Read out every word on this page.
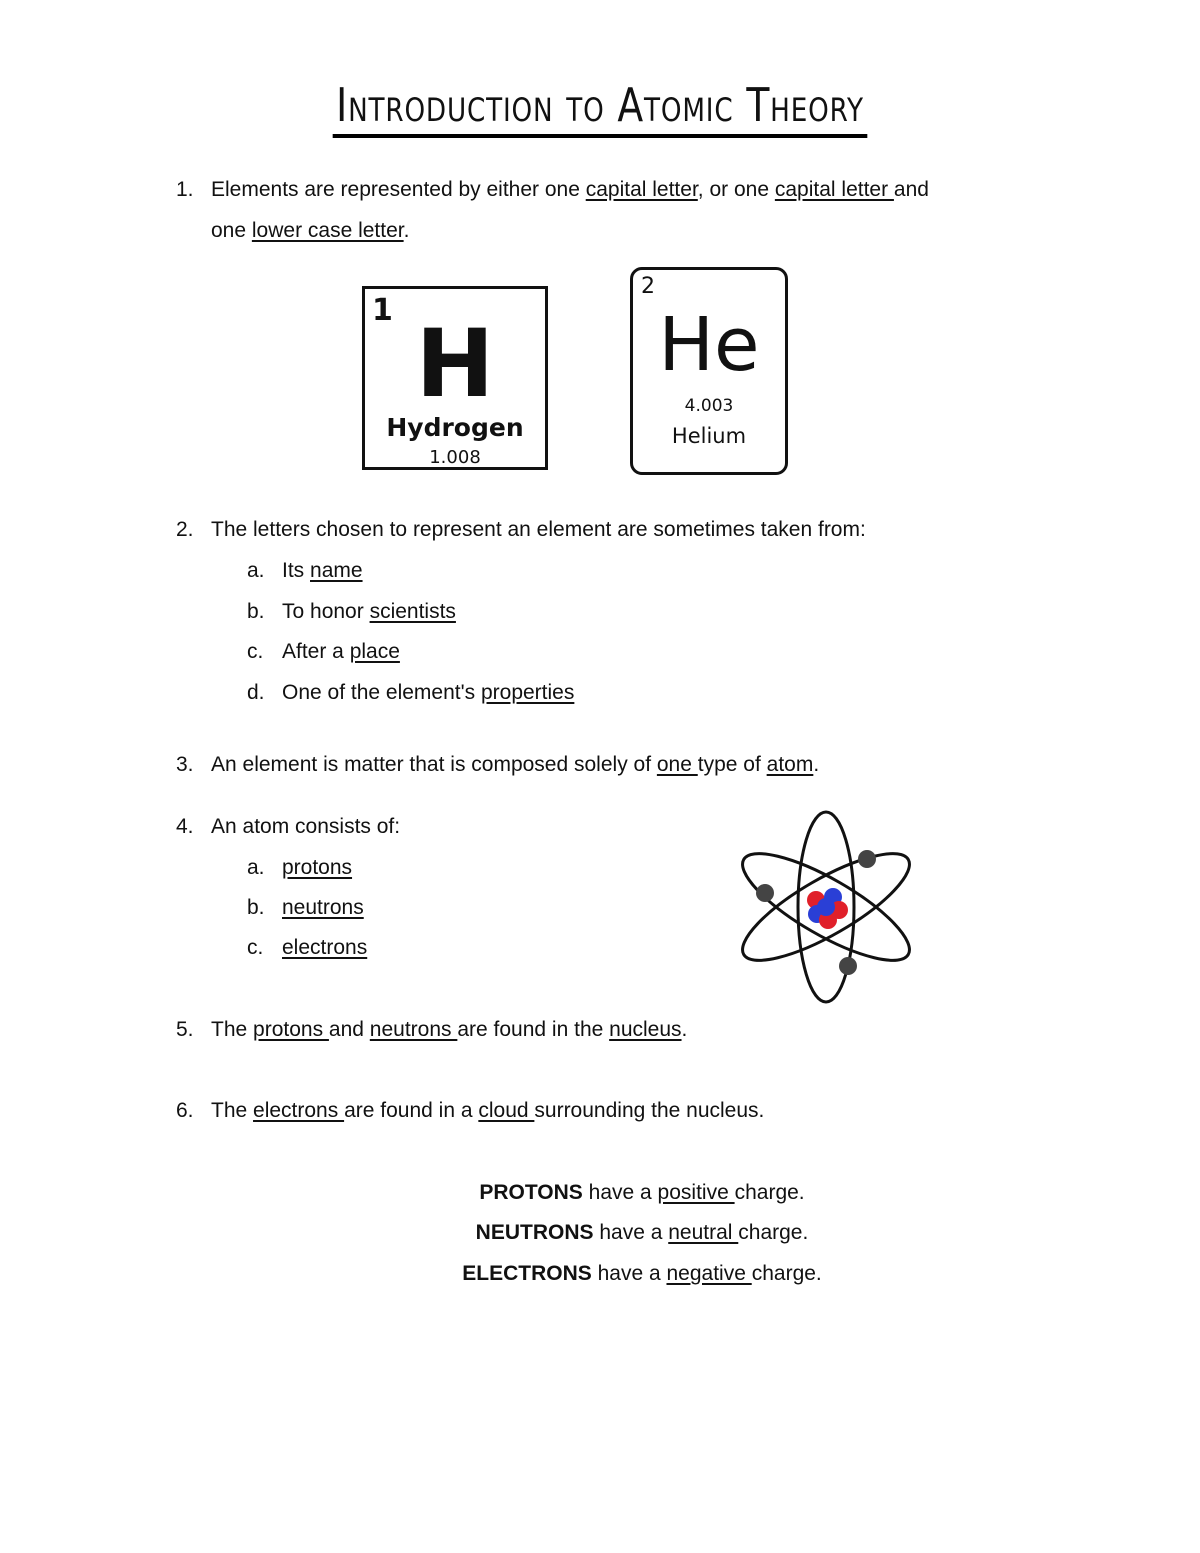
Introduction to Atomic Theory
1. Elements are represented by either one capital letter, or one capital letter and
one lower case letter.
1 H
Hydrogen
1.008
2
He
4.003
Helium
2. The letters chosen to represent an element are sometimes taken from:
a. Its name
b. To honor scientists
c. After a place
d. One of the element's properties
3. An element is matter that is composed solely of one type of atom.
4. An atom consists of:
a. protons
b. neutrons
c. electrons
5. The protons and neutrons are found in the nucleus.
6. The electrons are found in a cloud surrounding the nucleus.
PROTONS have a positive charge.
NEUTRONS have a neutral charge.
ELECTRONS have a negative charge.
